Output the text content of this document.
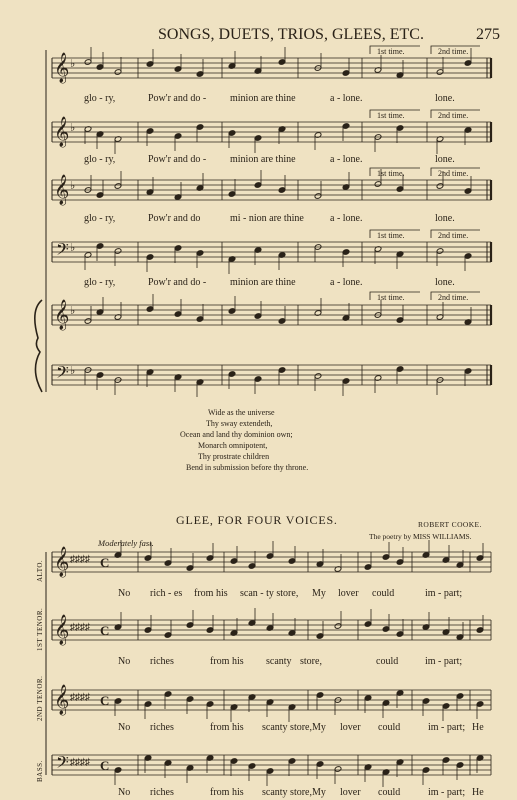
SONGS, DUETS, TRIOS, GLEES, ETC.	275
𝄞 ♭
𝄞 ♭
𝄞 ♭
𝄢 ♭
𝄞 ♭
𝄢 ♭
𝄞 ♯♯♯♯ C
𝄞 ♯♯♯♯ C
𝄞 ♯♯♯♯ C
𝄢 ♯♯♯♯ C
1st time.	2nd time.
1st time.	2nd time.
1st time.	2nd time.
1st time.	2nd time.
1st time.	2nd time.
glo - ry,	Pow'r and do - minion are thine	a - lone.	lone.
glo - ry,	Pow'r and do - minion are thine	a - lone.	lone.
glo - ry,	Pow'r and do	mi - nion are thine	a - lone.	lone.
glo - ry,	Pow'r and do - minion are thine	a - lone.	lone.
Wide as the universe
Thy sway extendeth,
Ocean and land thy dominion own;
Monarch omnipotent,
Thy prostrate children
Bend in submission before thy throne.
GLEE, FOR FOUR VOICES.	ROBERT COOKE.
The poetry by MISS WILLIAMS.
Moderately fast.
ALTO.
1ST TENOR.
2ND TENOR.
BASS.
No rich - es from his scan - ty store, My lover could	im - part;
No riches	from his scanty store,	could	im - part;
No riches	from his scanty store, My lover could	im - part; He
No riches	from his scanty store, My lover could	im - part; He
